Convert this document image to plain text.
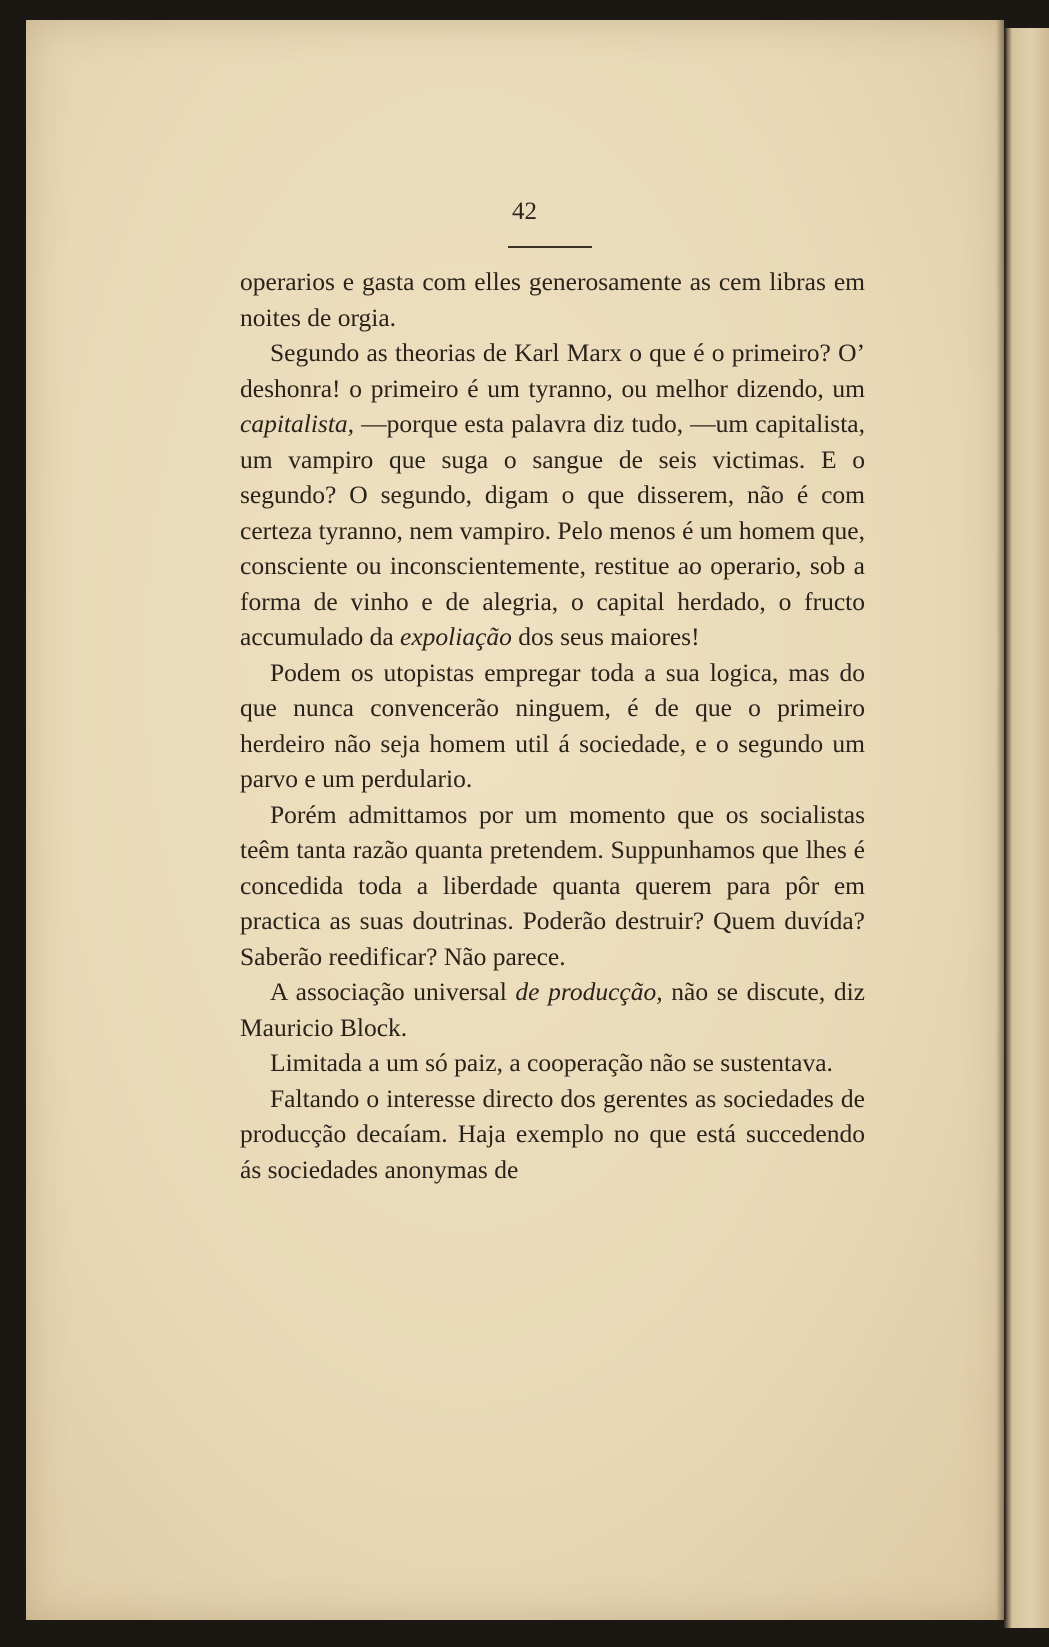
42

operarios e gasta com elles generosamente as cem libras em noites de orgia.

Segundo as theorias de Karl Marx o que é o primeiro? O’ deshonra! o primeiro é um tyranno, ou melhor dizendo, um capitalista, —porque esta palavra diz tudo, —um capitalista, um vampiro que suga o sangue de seis victimas. E o segundo? O segundo, digam o que disserem, não é com certeza tyranno, nem vampiro. Pelo menos é um homem que, consciente ou inconscientemente, restitue ao operario, sob a forma de vinho e de alegria, o capital herdado, o fructo accumulado da expoliação dos seus maiores!

Podem os utopistas empregar toda a sua logica, mas do que nunca convencerão ninguem, é de que o primeiro herdeiro não seja homem util á sociedade, e o segundo um parvo e um perdulario.

Porém admittamos por um momento que os socialistas teêm tanta razão quanta pretendem. Suppunhamos que lhes é concedida toda a liberdade quanta querem para pôr em practica as suas doutrinas. Poderão destruir? Quem duvída? Saberão reedificar? Não parece.

A associação universal de producção, não se discute, diz Mauricio Block.

Limitada a um só paiz, a cooperação não se sustentava.

Faltando o interesse directo dos gerentes as sociedades de producção decaíam. Haja exemplo no que está succedendo ás sociedades anonymas de
